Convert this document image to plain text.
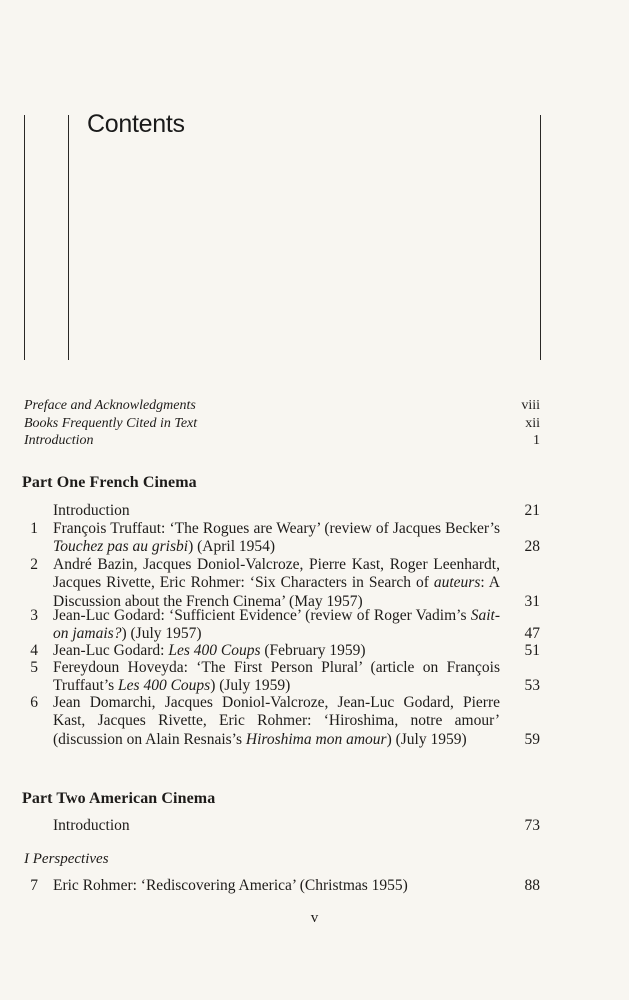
Contents
Preface and Acknowledgments	viii
Books Frequently Cited in Text	xii
Introduction	1
Part One French Cinema
Introduction	21
1 François Truffaut: ‘The Rogues are Weary’ (review of Jacques Becker’s Touchez pas au grisbi) (April 1954)	28
2 André Bazin, Jacques Doniol-Valcroze, Pierre Kast, Roger Leenhardt, Jacques Rivette, Eric Rohmer: ‘Six Characters in Search of auteurs: A Discussion about the French Cinema’ (May 1957)	31
3 Jean-Luc Godard: ‘Sufficient Evidence’ (review of Roger Vadim’s Sait-on jamais?) (July 1957)	47
4 Jean-Luc Godard: Les 400 Coups (February 1959)	51
5 Fereydoun Hoveyda: ‘The First Person Plural’ (article on François Truffaut’s Les 400 Coups) (July 1959)	53
6 Jean Domarchi, Jacques Doniol-Valcroze, Jean-Luc Godard, Pierre Kast, Jacques Rivette, Eric Rohmer: ‘Hiroshima, notre amour’ (discussion on Alain Resnais’s Hiroshima mon amour) (July 1959)	59
Part Two American Cinema
Introduction	73
I Perspectives
7 Eric Rohmer: ‘Rediscovering America’ (Christmas 1955)	88
v
